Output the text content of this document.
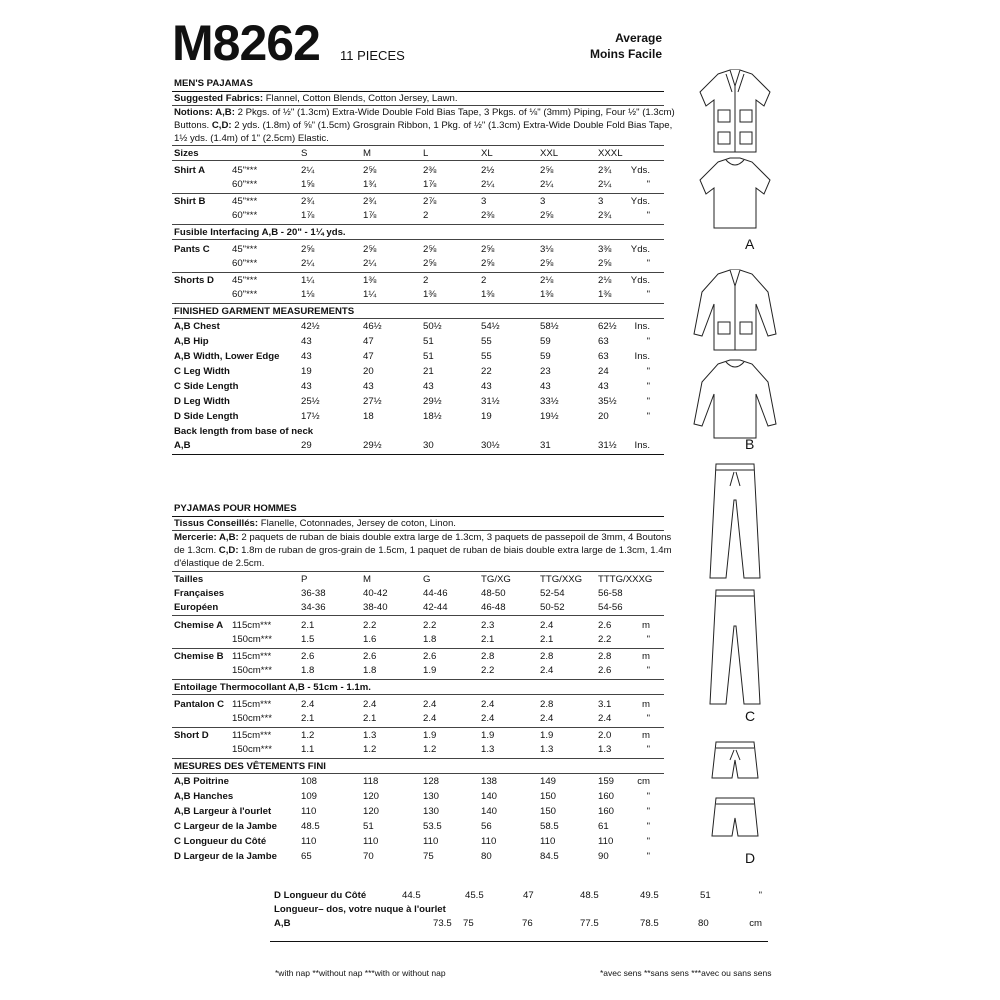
M8262 11 PIECES
Average
Moins Facile
MEN'S PAJAMAS
Suggested Fabrics: Flannel, Cotton Blends, Cotton Jersey, Lawn.
Notions: A,B: 2 Pkgs. of ½" (1.3cm) Extra-Wide Double Fold Bias Tape, 3 Pkgs. of ⅛" (3mm) Piping, Four ½" (1.3cm)
Buttons. C,D: 2 yds. (1.8m) of ⅝" (1.5cm) Grosgrain Ribbon, 1 Pkg. of ½" (1.3cm) Extra-Wide Double Fold Bias Tape,
1½ yds. (1.4m) of 1" (2.5cm) Elastic.
Sizes	S	M	L	XL	XXL	XXXL
Shirt A	45"***	2¼	2⅝	2⅜	2½	2⅝	2¾ Yds.
60"***	1⅝	1¾	1⅞	2¼	2¼	2¼	"
Shirt B	45"***	2¾	2¾	2⅞	3	3	3	Yds.
60"***	1⅞	1⅞	2	2⅜	2⅝	2¾	"
Fusible Interfacing A,B - 20" - 1¼ yds.
Pants C 45"***	2⅝	2⅝	2⅝	2⅝	3⅛	3⅜ Yds.
60"***	2¼	2¼	2⅝	2⅝	2⅝	2⅝	"
Shorts D 45"***	1¼	1⅜	2	2	2⅛	2⅛ Yds.
60"***	1⅛	1¼	1⅜	1⅜	1⅜	1⅜	"
FINISHED GARMENT MEASUREMENTS
A,B Chest	42½	46½	50½	54½	58½	62½	Ins.
A,B Hip	43	47	51	55	59	63	"
A,B Width, Lower Edge 43	47	51	55	59	63	Ins.
C Leg Width	19	20	21	22	23	24	"
C Side Length	43	43	43	43	43	43	"
D Leg Width	25½	27½	29½	31½	33½	35½	"
D Side Length	17½	18	18½	19	19½	20	"
Back length from base of neck
A,B	29	29½	30	30½	31	31½	Ins.
PYJAMAS POUR HOMMES
Tissus Conseillés: Flanelle, Cotonnades, Jersey de coton, Linon.
Mercerie: A,B: 2 paquets de ruban de biais double extra large de 1.3cm, 3 paquets de passepoil de 3mm, 4 Boutons
de 1.3cm. C,D: 1.8m de ruban de gros-grain de 1.5cm, 1 paquet de ruban de biais double extra large de 1.3cm, 1.4m
d'élastique de 2.5cm.
Tailles	P	M	G	TG/XG	TTG/XXG TTTG/XXXG
Françaises	36-38	40-42	44-46	48-50	52-54	56-58
Européen	34-36	38-40	42-44	46-48	50-52	54-56
Chemise A 115cm***	2.1	2.2	2.2	2.3	2.4	2.6	m
150cm***	1.5	1.6	1.8	2.1	2.1	2.2	"
Chemise B 115cm***	2.6	2.6	2.6	2.8	2.8	2.8	m
150cm***	1.8	1.8	1.9	2.2	2.4	2.6	"
Entoilage Thermocollant A,B - 51cm - 1.1m.
Pantalon C 115cm***	2.4	2.4	2.4	2.4	2.8	3.1	m
150cm***	2.1	2.1	2.4	2.4	2.4	2.4	"
Short D 115cm***	1.2	1.3	1.9	1.9	1.9	2.0	m
150cm***	1.1	1.2	1.2	1.3	1.3	1.3	"
MESURES DES VÊTEMENTS FINI
A,B Poitrine	108	118	128	138	149	159	cm
A,B Hanches	109	120	130	140	150	160	"
A,B Largeur à l'ourlet	110	120	130	140	150	160	"
C Largeur de la Jambe	48.5	51	53.5	56	58.5	61	"
C Longueur du Côté	110	110	110	110	110	110	"
D Largeur de la Jambe	65	70	75	80	84.5	90	"
D Longueur du Côté	44.5	45.5	47	48.5	49.5	51	"
Longueur– dos, votre nuque à l'ourlet
A,B	73.5 75	76	77.5	78.5	80	cm
A
B
C
D
*with nap **without nap ***with or without nap	*avec sens **sans sens ***avec ou sans sens
